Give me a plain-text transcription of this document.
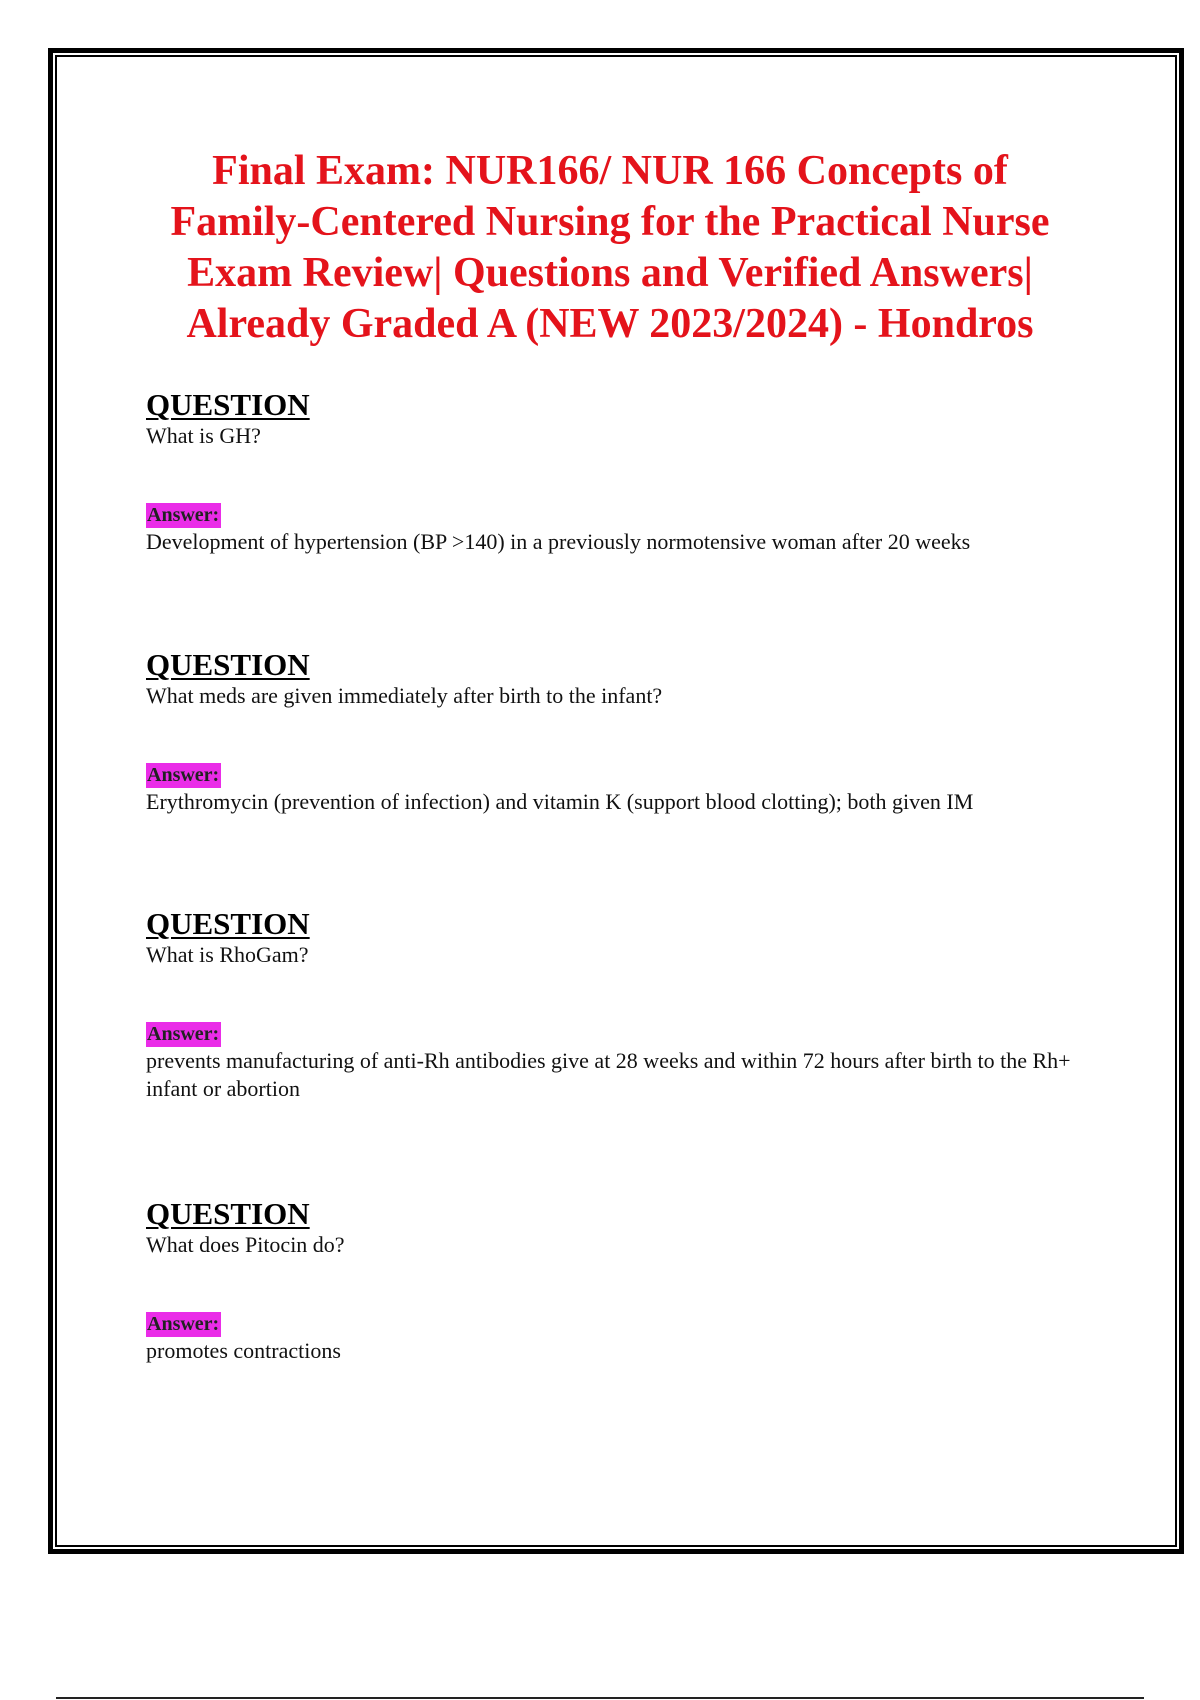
Final Exam: NUR166/ NUR 166 Concepts of
Family-Centered Nursing for the Practical Nurse
Exam Review| Questions and Verified Answers|
Already Graded A (NEW 2023/2024) - Hondros
QUESTION
What is GH?
Answer:
Development of hypertension (BP >140) in a previously normotensive woman after 20 weeks
QUESTION
What meds are given immediately after birth to the infant?
Answer:
Erythromycin (prevention of infection) and vitamin K (support blood clotting); both given IM
QUESTION
What is RhoGam?
Answer:
prevents manufacturing of anti-Rh antibodies give at 28 weeks and within 72 hours after birth to the Rh+ infant or abortion
QUESTION
What does Pitocin do?
Answer:
promotes contractions
